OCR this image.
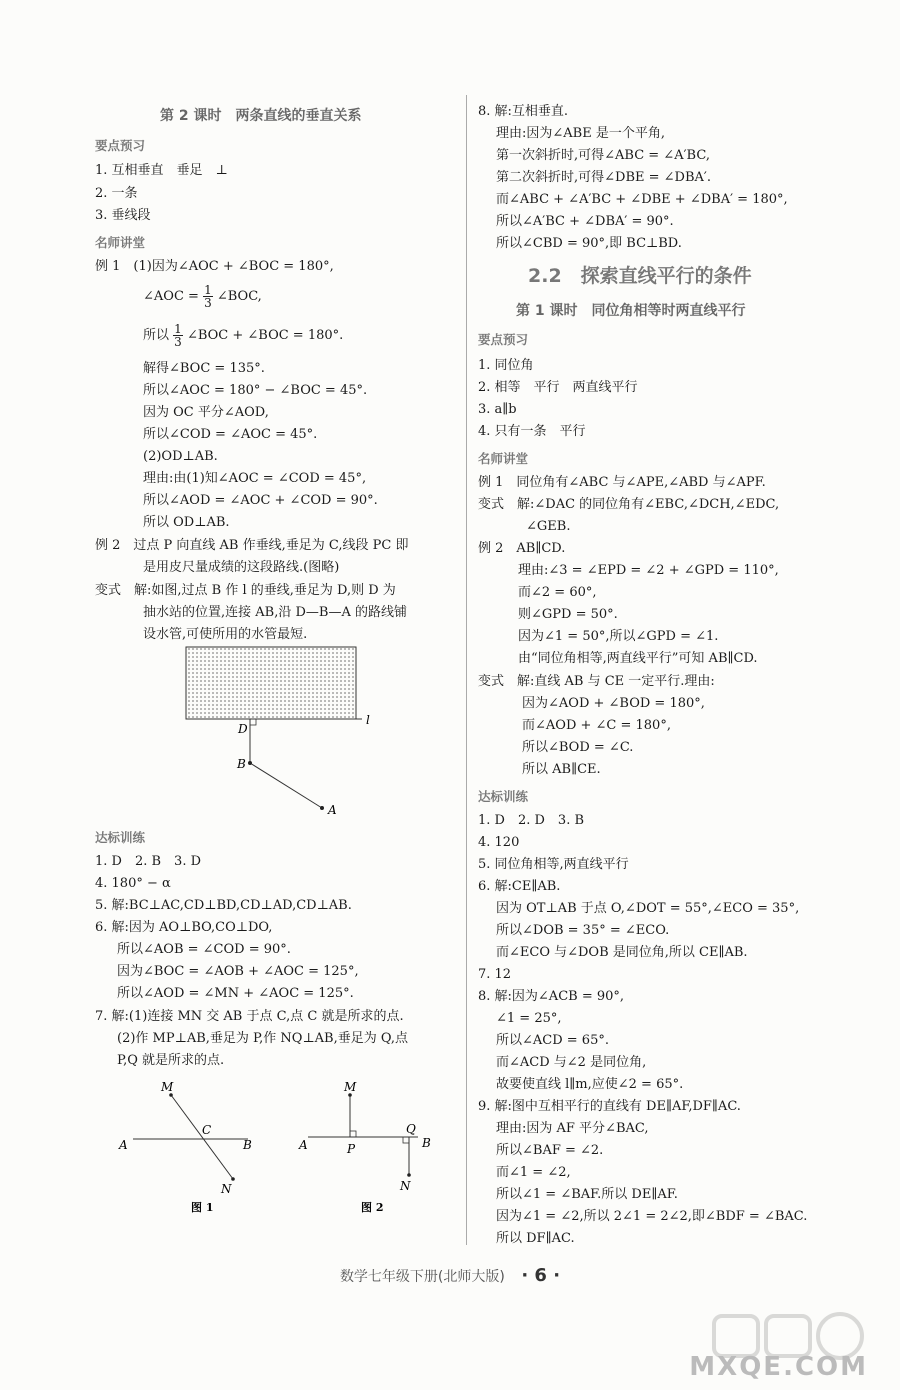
第 2 课时　两条直线的垂直关系
要点预习
1. 互相垂直　垂足　⊥
2. 一条
3. 垂线段
名师讲堂
例 1　(1)因为∠AOC + ∠BOC = 180°,
∠AOC = $\frac{1}{3}$ ∠BOC,
所以 $\frac{1}{3}$ ∠BOC + ∠BOC = 180°.
解得∠BOC = 135°.
所以∠AOC = 180° − ∠BOC = 45°.
因为 OC 平分∠AOD,
所以∠COD = ∠AOC = 45°.
(2)OD⊥AB.
理由:由(1)知∠AOC = ∠COD = 45°,
所以∠AOD = ∠AOC + ∠COD = 90°.
所以 OD⊥AB.
例 2　过点 P 向直线 AB 作垂线,垂足为 C,线段 PC 即
是用皮尺量成绩的这段路线.(图略)
变式　解:如图,过点 B 作 l 的垂线,垂足为 D,则 D 为
抽水站的位置,连接 AB,沿 D—B—A 的路线铺
设水管,可使所用的水管最短.
D
l
B
A
达标训练
1. D　2. B　3. D
4. 180° − α
5. 解:BC⊥AC,CD⊥BD,CD⊥AD,CD⊥AB.
6. 解:因为 AO⊥BO,CO⊥DO,
所以∠AOB = ∠COD = 90°.
因为∠BOC = ∠AOB + ∠AOC = 125°,
所以∠AOD = ∠MN + ∠AOC = 125°.
7. 解:(1)连接 MN 交 AB 于点 C,点 C 就是所求的点.
(2)作 MP⊥AB,垂足为 P,作 NQ⊥AB,垂足为 Q,点
P,Q 就是所求的点.
M
A	B
C
N
图 1
M
A	B
P
Q
N
图 2
8. 解:互相垂直.
理由:因为∠ABE 是一个平角,
第一次斜折时,可得∠ABC = ∠A′BC,
第二次斜折时,可得∠DBE = ∠DBA′.
而∠ABC + ∠A′BC + ∠DBE + ∠DBA′ = 180°,
所以∠A′BC + ∠DBA′ = 90°.
所以∠CBD = 90°,即 BC⊥BD.
2.2　探索直线平行的条件
第 1 课时　同位角相等时两直线平行
要点预习
1. 同位角
2. 相等　平行　两直线平行
3. a∥b
4. 只有一条　平行
名师讲堂
例 1　同位角有∠ABC 与∠APE,∠ABD 与∠APF.
变式　解:∠DAC 的同位角有∠EBC,∠DCH,∠EDC,
∠GEB.
例 2　AB∥CD.
理由:∠3 = ∠EPD = ∠2 + ∠GPD = 110°,
而∠2 = 60°,
则∠GPD = 50°.
因为∠1 = 50°,所以∠GPD = ∠1.
由“同位角相等,两直线平行”可知 AB∥CD.
变式　解:直线 AB 与 CE 一定平行.理由:
因为∠AOD + ∠BOD = 180°,
而∠AOD + ∠C = 180°,
所以∠BOD = ∠C.
所以 AB∥CE.
达标训练
1. D　2. D　3. B
4. 120
5. 同位角相等,两直线平行
6. 解:CE∥AB.
因为 OT⊥AB 于点 O,∠DOT = 55°,∠ECO = 35°,
所以∠DOB = 35° = ∠ECO.
而∠ECO 与∠DOB 是同位角,所以 CE∥AB.
7. 12
8. 解:因为∠ACB = 90°,
∠1 = 25°,
所以∠ACD = 65°.
而∠ACD 与∠2 是同位角,
故要使直线 l∥m,应使∠2 = 65°.
9. 解:图中互相平行的直线有 DE∥AF,DF∥AC.
理由:因为 AF 平分∠BAC,
所以∠BAF = ∠2.
而∠1 = ∠2,
所以∠1 = ∠BAF.所以 DE∥AF.
因为∠1 = ∠2,所以 2∠1 = 2∠2,即∠BDF = ∠BAC.
所以 DF∥AC.
数学七年级下册(北师大版) · 6 ·
MXQE.COM
